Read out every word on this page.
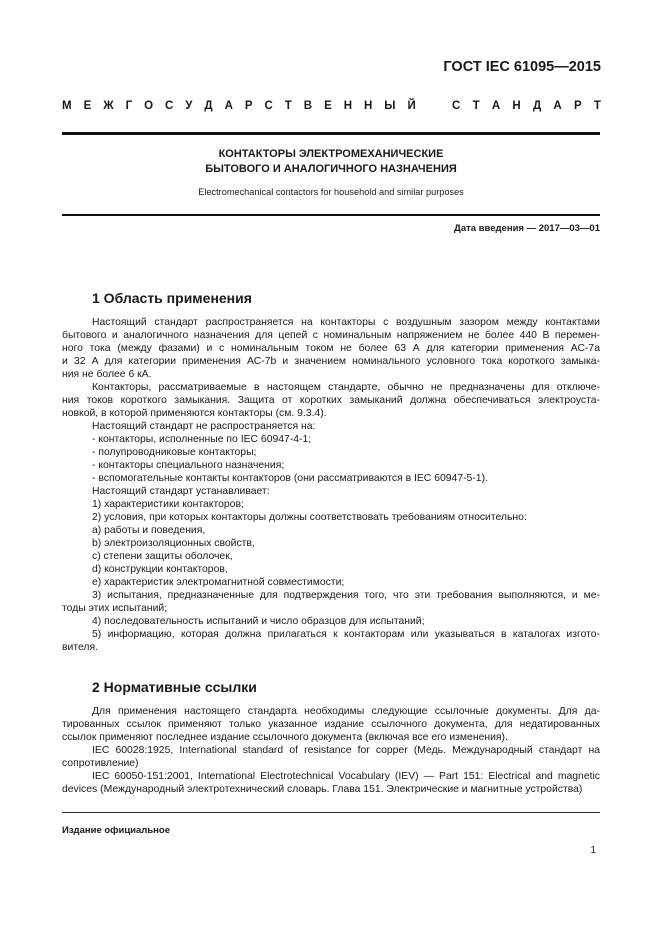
ГОСТ IEC 61095—2015
М Е Ж Г О С У Д А Р С Т В Е Н Н Ы Й	С Т А Н Д А Р Т
КОНТАКТОРЫ ЭЛЕКТРОМЕХАНИЧЕСКИЕ
БЫТОВОГО И АНАЛОГИЧНОГО НАЗНАЧЕНИЯ
Electromechanical contactors for household and similar purposes
Дата введения — 2017—03—01
1 Область применения
Настоящий стандарт распространяется на контакторы с воздушным зазором между контактами
бытового и аналогичного назначения для цепей с номинальным напряжением не более 440 В перемен-
ного тока (между фазами) и с номинальным током не более 63 А для категории применения АС-7а
и 32 А для категории применения АС-7b и значением номинального условного тока короткого замыка-
ния не более 6 кА.
Контакторы, рассматриваемые в настоящем стандарте, обычно не предназначены для отключе-
ния токов короткого замыкания. Защита от коротких замыканий должна обеспечиваться электроуста-
новкой, в которой применяются контакторы (см. 9.3.4).
Настоящий стандарт не распространяется на:
- контакторы, исполненные по IEC 60947-4-1;
- полупроводниковые контакторы;
- контакторы специального назначения;
- вспомогательные контакты контакторов (они рассматриваются в IEC 60947-5-1).
Настоящий стандарт устанавливает:
1) характеристики контакторов;
2) условия, при которых контакторы должны соответствовать требованиям относительно:
a) работы и поведения,
b) электроизоляционных свойств,
c) степени защиты оболочек,
d) конструкции контакторов,
e) характеристик электромагнитной совместимости;
3) испытания, предназначенные для подтверждения того, что эти требования выполняются, и ме-
тоды этих испытаний;
4) последовательность испытаний и число образцов для испытаний;
5) информацию, которая должна прилагаться к контакторам или указываться в каталогах изгото-
вителя.
2 Нормативные ссылки
Для применения настоящего стандарта необходимы следующие ссылочные документы. Для да-
тированных ссылок применяют только указанное издание ссылочного документа, для недатированных
ссылок применяют последнее издание ссылочного документа (включая все его изменения).
IEC 60028:1925, International standard of resistance for copper (Медь. Международный стандарт на
сопротивление)
IEC 60050-151:2001, International Electrotechnical Vocabulary (IEV) — Part 151: Electrical and magnetic
devices (Международный электротехнический словарь. Глава 151. Электрические и магнитные устройства)
Издание официальное
1
